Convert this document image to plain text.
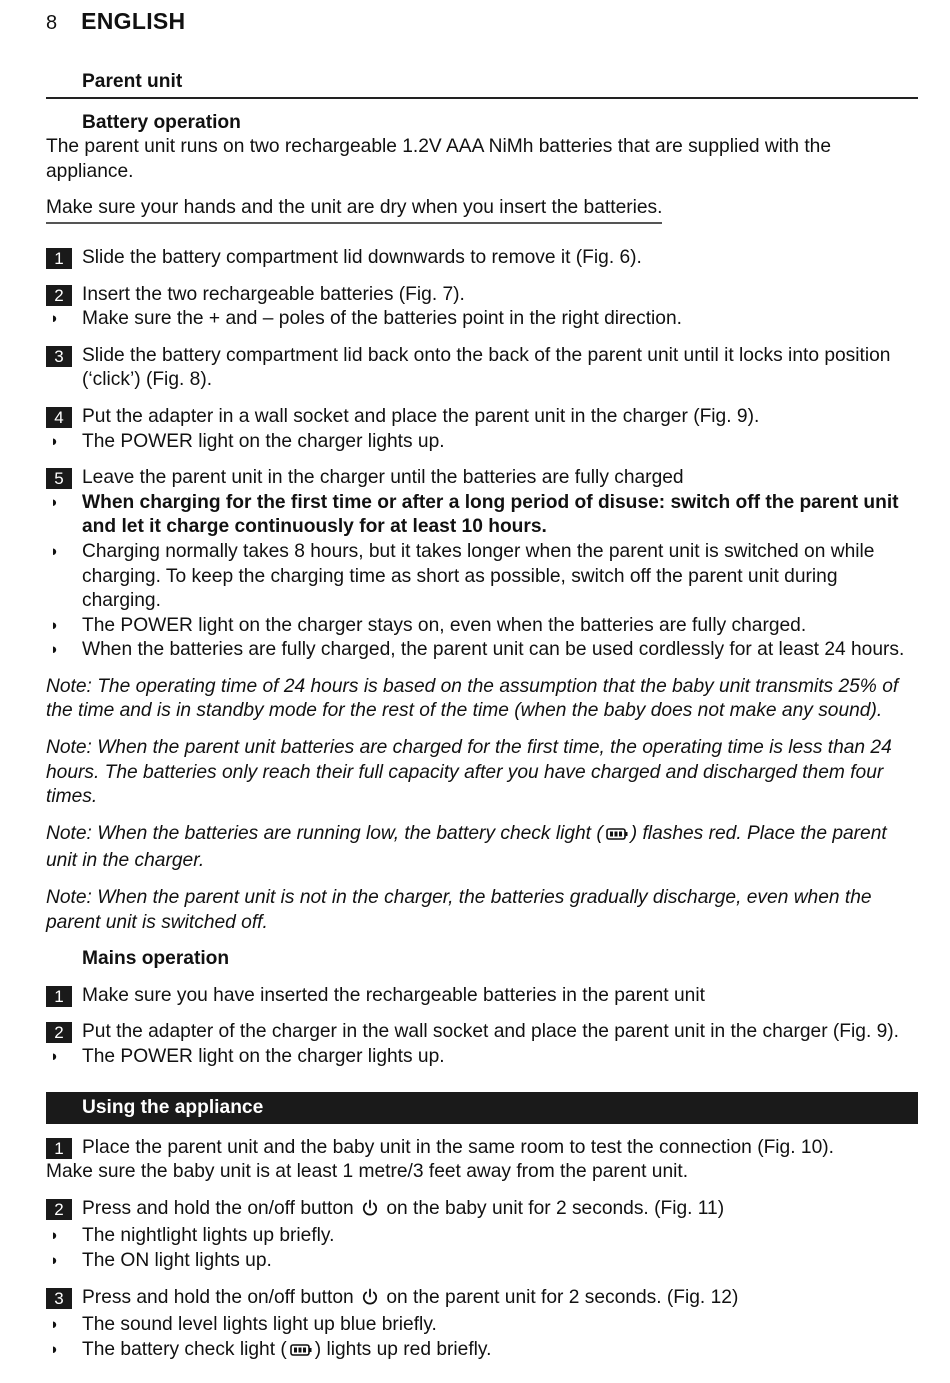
8 ENGLISH

Parent unit

Battery operation

The parent unit runs on two rechargeable 1.2V AAA NiMh batteries that are supplied with the appliance.

Make sure your hands and the unit are dry when you insert the batteries.

1 Slide the battery compartment lid downwards to remove it (Fig. 6).

2 Insert the two rechargeable batteries (Fig. 7).

◗ Make sure the + and – poles of the batteries point in the right direction.

3 Slide the battery compartment lid back onto the back of the parent unit until it locks into position (‘click’) (Fig. 8).

4 Put the adapter in a wall socket and place the parent unit in the charger (Fig. 9).

◗ The POWER light on the charger lights up.

5 Leave the parent unit in the charger until the batteries are fully charged

◗ When charging for the first time or after a long period of disuse: switch off the parent unit and let it charge continuously for at least 10 hours.

◗ Charging normally takes 8 hours, but it takes longer when the parent unit is switched on while charging. To keep the charging time as short as possible, switch off the parent unit during charging.

◗ The POWER light on the charger stays on, even when the batteries are fully charged.

◗ When the batteries are fully charged, the parent unit can be used cordlessly for at least 24 hours.

Note: The operating time of 24 hours is based on the assumption that the baby unit transmits 25% of the time and is in standby mode for the rest of the time (when the baby does not make any sound).

Note: When the parent unit batteries are charged for the first time, the operating time is less than 24 hours. The batteries only reach their full capacity after you have charged and discharged them four times.

Note: When the batteries are running low, the battery check light ( ) flashes red. Place the parent unit in the charger.

Note: When the parent unit is not in the charger, the batteries gradually discharge, even when the parent unit is switched off.

Mains operation

1 Make sure you have inserted the rechargeable batteries in the parent unit

2 Put the adapter of the charger in the wall socket and place the parent unit in the charger (Fig. 9).

◗ The POWER light on the charger lights up.

Using the appliance

1 Place the parent unit and the baby unit in the same room to test the connection (Fig. 10).

Make sure the baby unit is at least 1 metre/3 feet away from the parent unit.

2 Press and hold the on/off button on the baby unit for 2 seconds. (Fig. 11)

◗ The nightlight lights up briefly.

◗ The ON light lights up.

3 Press and hold the on/off button on the parent unit for 2 seconds. (Fig. 12)

◗ The sound level lights light up blue briefly.

◗ The battery check light ( ) lights up red briefly.
